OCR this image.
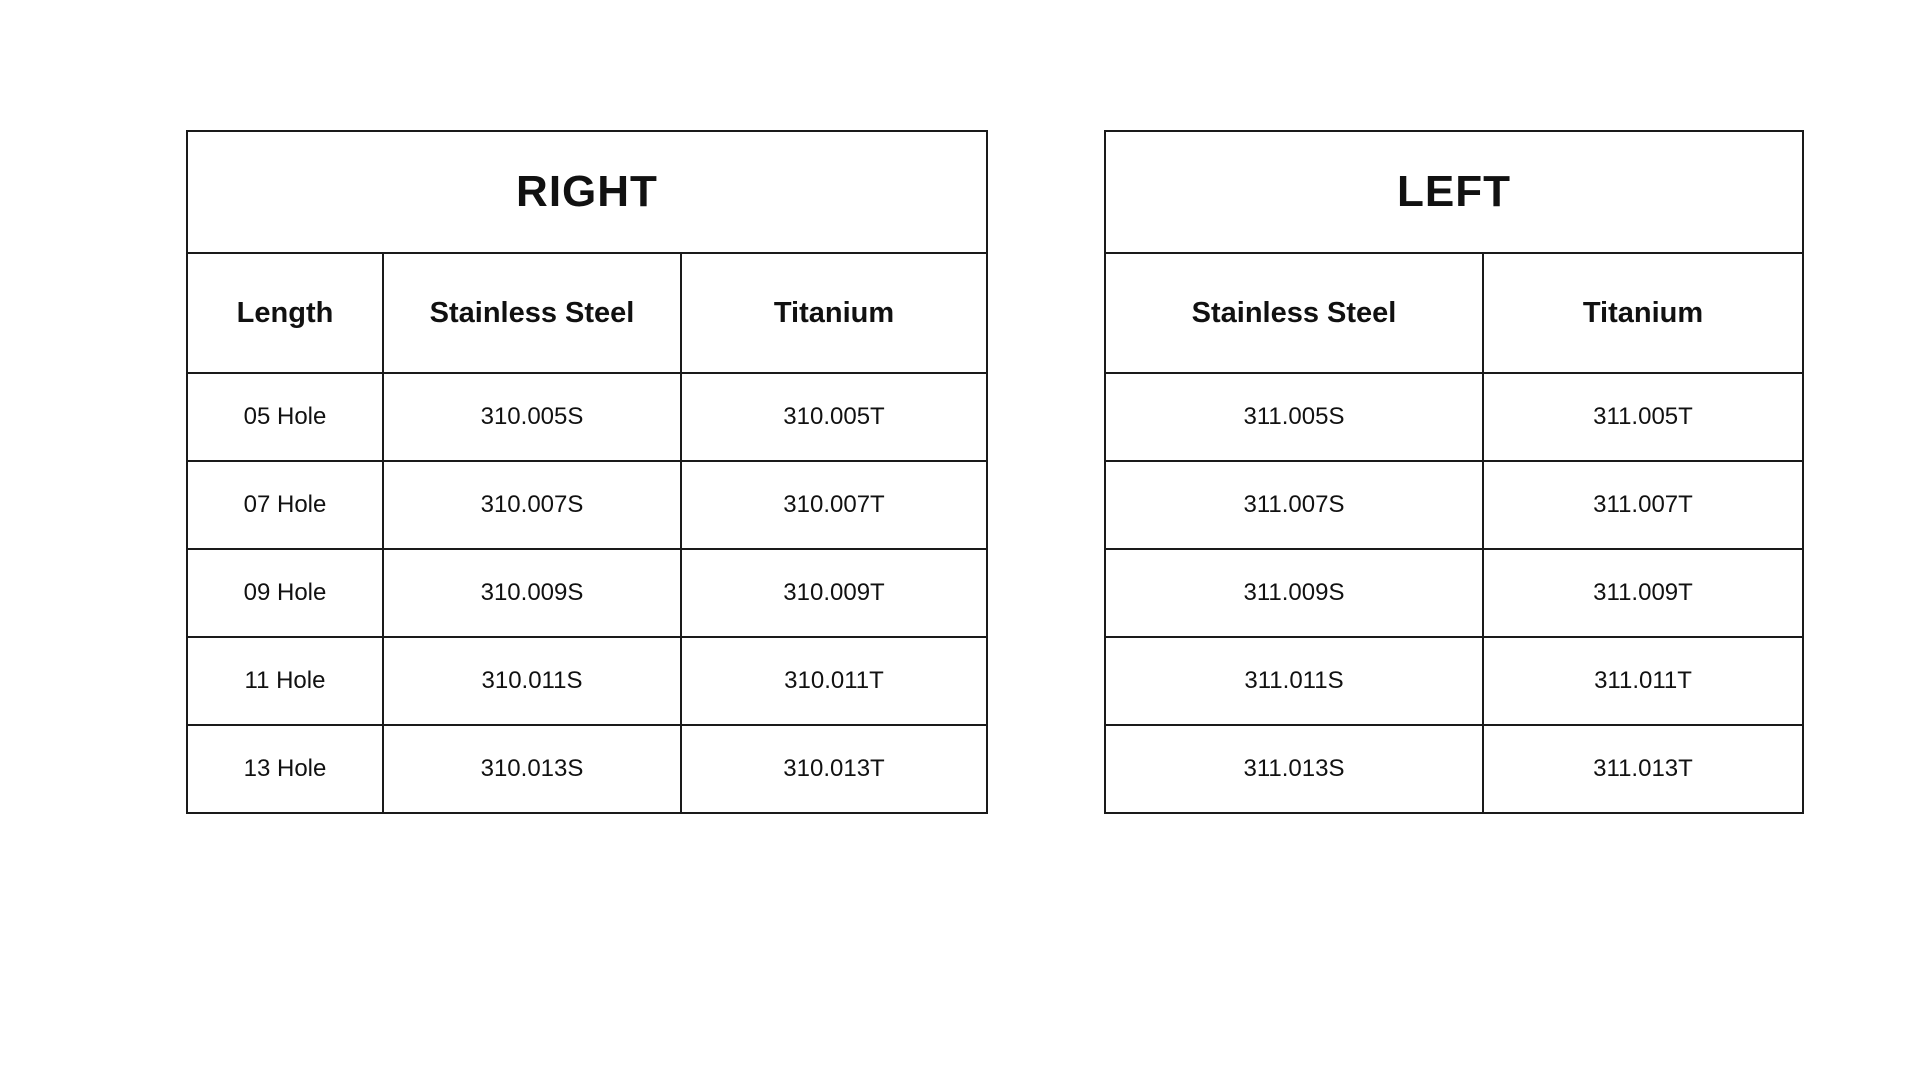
RIGHT		
Length	Stainless Steel	Titanium
05 Hole	310.005S	310.005T
07 Hole	310.007S	310.007T
09 Hole	310.009S	310.009T
11 Hole	310.011S	310.011T
13 Hole	310.013S	310.013T
LEFT	
Stainless Steel	Titanium
311.005S	311.005T
311.007S	311.007T
311.009S	311.009T
311.011S	311.011T
311.013S	311.013T
